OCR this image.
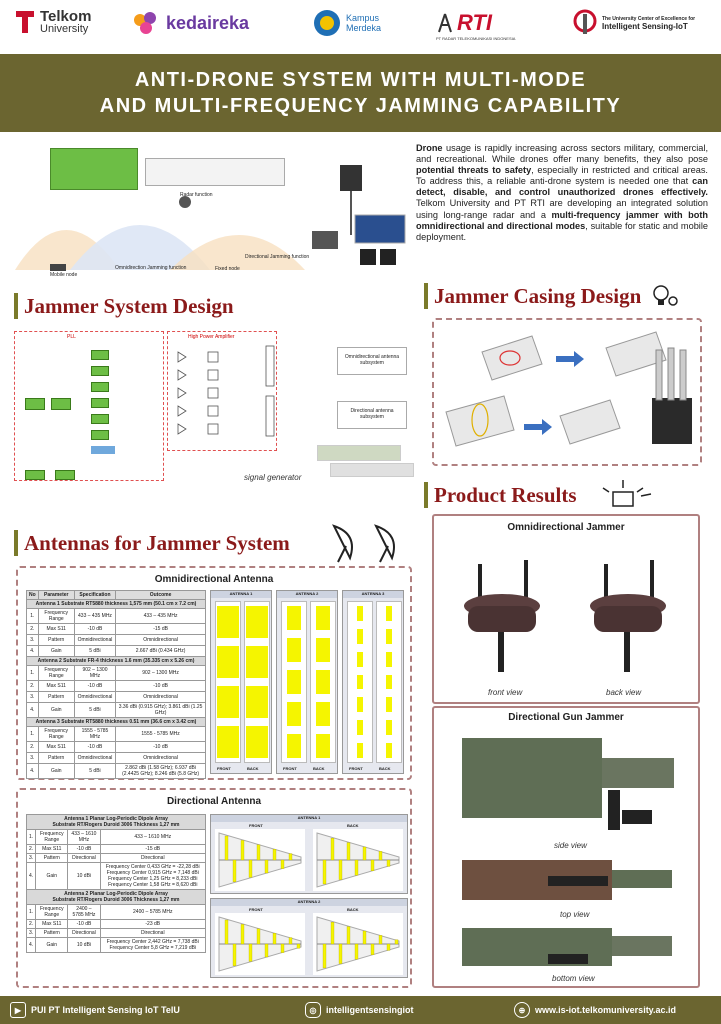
Telkom
University	kedaireka	Kampus
Merdeka	RTI
PT RADAR TELEKOMUNIKASI INDONESIA
The University Center of Excellence for
Intelligent Sensing-IoT
ANTI-DRONE SYSTEM WITH MULTI-MODE
AND MULTI-FREQUENCY JAMMING CAPABILITY
Radar function
Mobile node
Omnidirection Jamming function	Fixed node
Directional Jamming function
Drone usage is rapidly increasing across sectors military, commercial, and recreational. While drones offer many benefits, they also pose potential threats to safety, especially in restricted and critical areas. To address this, a reliable anti-drone system is needed one that can detect, disable, and control unauthorized drones effectively. Telkom University and PT RTI are developing an integrated solution using long-range radar and a multi-frequency jammer with both omnidirectional and directional modes, suitable for static and mobile deployment.
Jammer System Design
PLL	High Power Amplifier
Omnidirectional antenna subsystem
Directional antenna subsystem
signal generator
Jammer Casing Design
Product Results
Omnidirectional Jammer
front view	back view
Directional Gun Jammer
side view
top view
bottom view
Antennas for Jammer System
Omnidirectional Antenna
No	Parameter	Specification	Outcome
Antenna 1 Substrate RT5880 thickness 1,575 mm (50.1 cm x 7.2 cm)			
1.	Frequency Range	433 – 435 MHz	433 – 435 MHz
2.	Max S11	-10 dB	-15 dB
3.	Pattern	Omnidirectional	Omnidirectional
4.	Gain	5 dBi	2.667 dBi (0.434 GHz)
Antenna 2 Substrate FR-4 thickness 1.6 mm (35.335 cm x 5.26 cm)			
1.	Frequency Range	902 – 1300 MHz	902 – 1300 MHz
2.	Max S11	-10 dB	-10 dB
3.	Pattern	Omnidirectional	Omnidirectional
4.	Gain	5 dBi	3.36 dBi (0.915 GHz); 3.861 dBi (1.25 GHz)
Antenna 3 Substrate RT5880 thickness 0.51 mm (36.6 cm x 3.42 cm)			
1.	Frequency Range	1555 - 5785 MHz	1555 - 5785 MHz
2.	Max S11	-10 dB	-10 dB
3.	Pattern	Omnidirectional	Omnidirectional
4.	Gain	5 dBi	2.862 dBi (1.58 GHz); 6.937 dBi (2.4425 GHz); 8.246 dBi (5.8 GHz)
ANTENNA 1
FRONT	BACK
ANTENNA 2
FRONT	BACK
ANTENNA 3
FRONT	BACK
Directional Antenna
Antenna 1 Planar Log-Periodic Dipole Array
Substrate RT/Rogers Duroid 3006 Thickness 1,27 mm			

1.	Frequency Range	433 – 1610 MHz	433 – 1610 MHz
2.	Max S11	-10 dB	-15 dB
3.	Pattern	Directional	Directional
4.	Gain	10 dBi	Frequency Center 0,433 GHz = -22,28 dBi Frequency Center 0,915 GHz = 7,148 dBi Frequency Center 1,25 GHz = 8,233 dBi Frequency Center 1,58 GHz = 8,620 dBi

Antenna 2 Planar Log-Periodic Dipole Array
Substrate RT/Rogers Duroid 3006 Thickness 1,27 mm			

1.	Frequency Range	2400 – 5785 MHz	2400 – 5785 MHz
2.	Max S11	-10 dB	-23 dB
3.	Pattern	Directional	Directional
4.	Gain	10 dBi	Frequency Center 2,442 GHz = 7,738 dBi Frequency Center 5,8 GHz = 7,219 dBi
ANTENNA 1
FRONT	BACK
ANTENNA 2
FRONT	BACK
▶	PUI PT Intelligent Sensing IoT TelU	◎	intelligentsensingiot	⊕	www.is-iot.telkomuniversity.ac.id
